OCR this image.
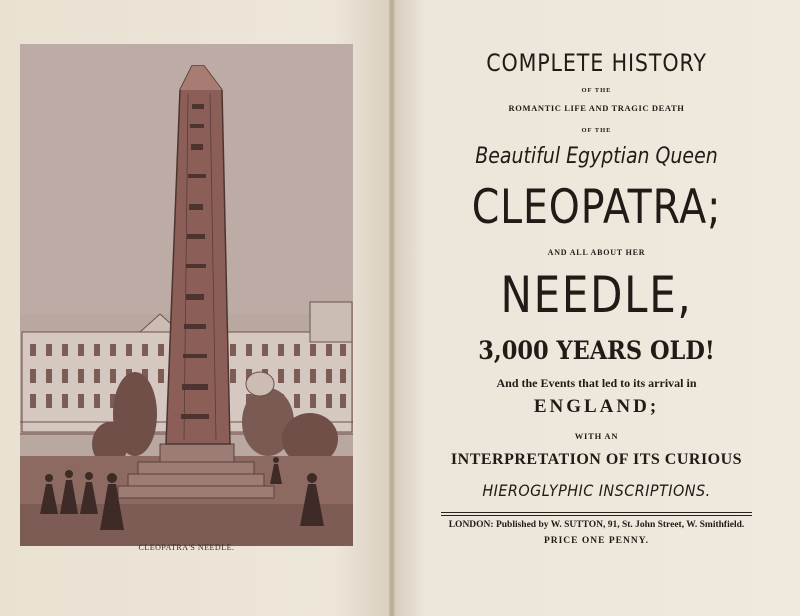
CLEOPATRA'S NEEDLE.
COMPLETE HISTORY
OF THE
ROMANTIC LIFE AND TRAGIC DEATH
OF THE
Beautiful Egyptian Queen
CLEOPATRA;
AND ALL ABOUT HER
NEEDLE,
3,000 YEARS OLD!
And the Events that led to its arrival in
ENGLAND;
WITH AN
INTERPRETATION OF ITS CURIOUS
HIEROGLYPHIC INSCRIPTIONS.
LONDON: Published by W. SUTTON, 91, St. John Street, W. Smithfield.
PRICE ONE PENNY.
